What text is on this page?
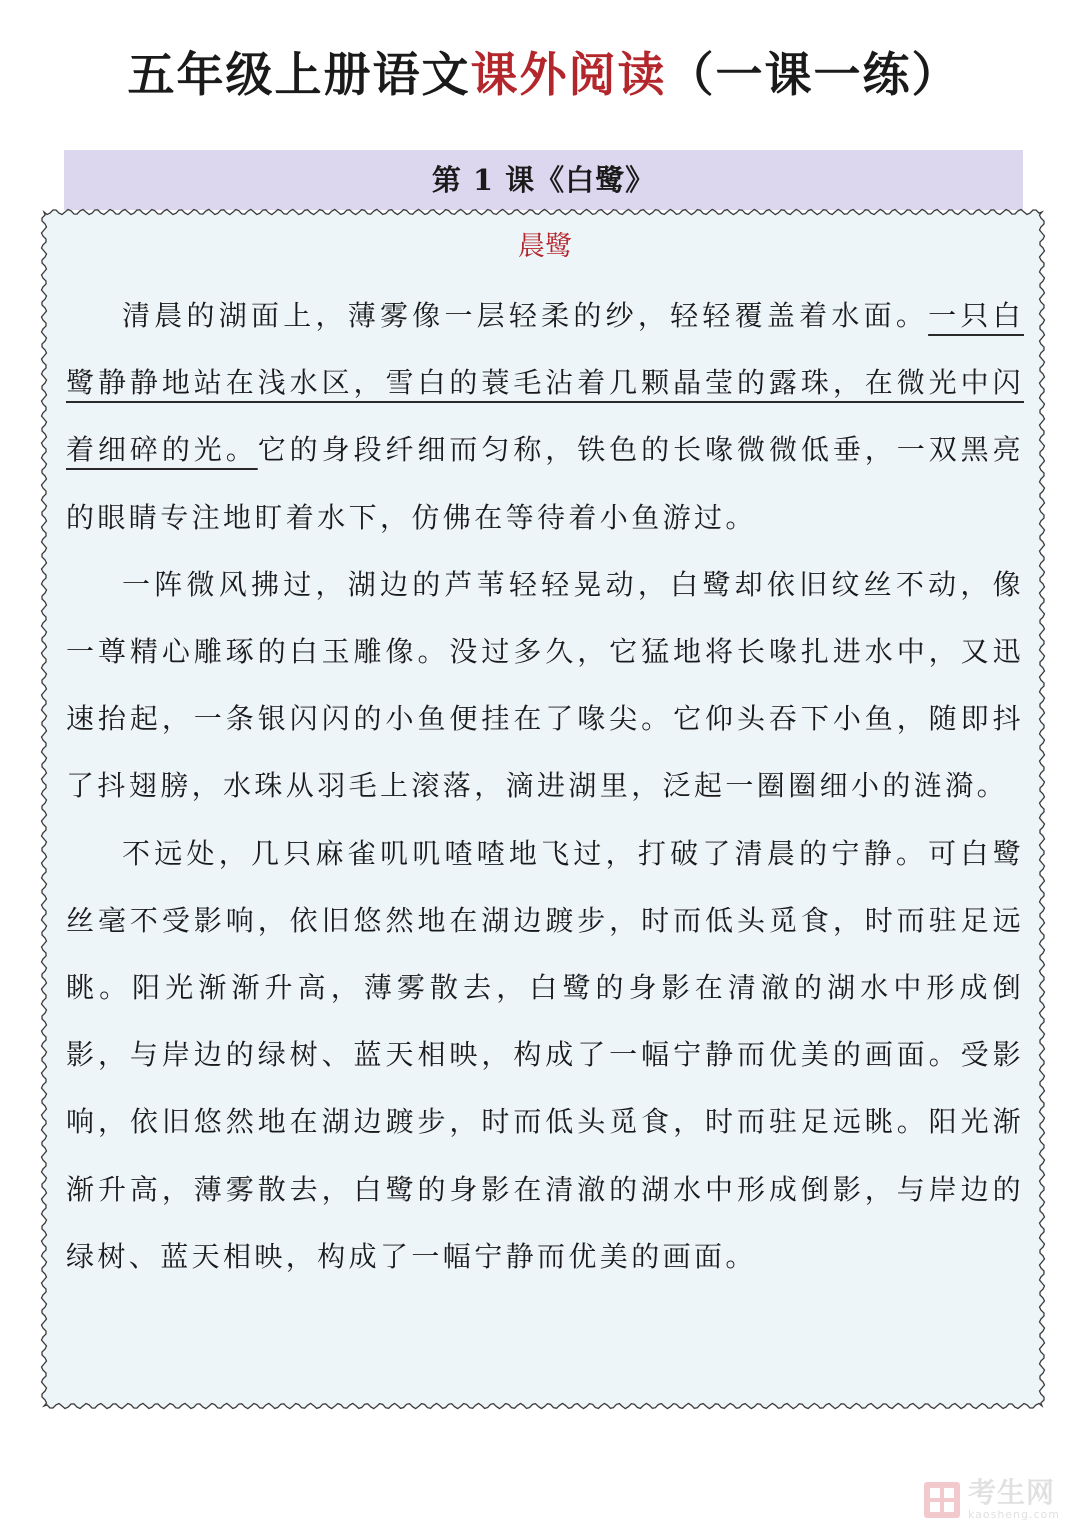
五年级上册语文课外阅读（一课一练）
第 1 课《白鹭》
晨鹭

清晨的湖面上，薄雾像一层轻柔的纱，轻轻覆盖着水面。一只白鹭静静地站在浅水区，雪白的蓑毛沾着几颗晶莹的露珠，在微光中闪着细碎的光。它的身段纤细而匀称，铁色的长喙微微低垂，一双黑亮的眼睛专注地盯着水下，仿佛在等待着小鱼游过。

一阵微风拂过，湖边的芦苇轻轻晃动，白鹭却依旧纹丝不动，像一尊精心雕琢的白玉雕像。没过多久，它猛地将长喙扎进水中，又迅速抬起，一条银闪闪的小鱼便挂在了喙尖。它仰头吞下小鱼，随即抖了抖翅膀，水珠从羽毛上滚落，滴进湖里，泛起一圈圈细小的涟漪。

不远处，几只麻雀叽叽喳喳地飞过，打破了清晨的宁静。可白鹭丝毫不受影响，依旧悠然地在湖边踱步，时而低头觅食，时而驻足远眺。阳光渐渐升高，薄雾散去，白鹭的身影在清澈的湖水中形成倒影，与岸边的绿树、蓝天相映，构成了一幅宁静而优美的画面。受影响，依旧悠然地在湖边踱步，时而低头觅食，时而驻足远眺。阳光渐渐升高，薄雾散去，白鹭的身影在清澈的湖水中形成倒影，与岸边的绿树、蓝天相映，构成了一幅宁静而优美的画面。

考生网
kaosheng.com
